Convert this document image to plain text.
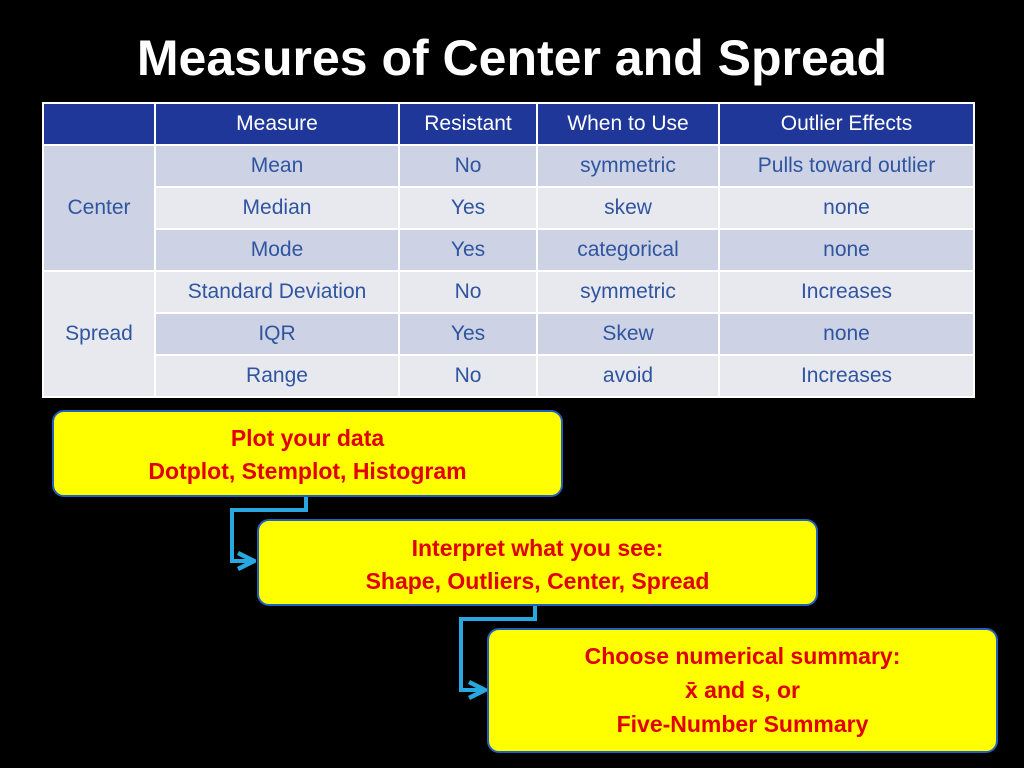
Measures of Center and Spread
	Measure	Resistant	When to Use	Outlier Effects
Center	Mean	No	symmetric	Pulls toward outlier
	Median	Yes	skew	none
	Mode	Yes	categorical	none
Spread	Standard Deviation	No	symmetric	Increases
	IQR	Yes	Skew	none
	Range	No	avoid	Increases
Plot your data
Dotplot, Stemplot, Histogram
Interpret what you see:
Shape, Outliers, Center, Spread
Choose numerical summary:
x̄ and s, or
Five-Number Summary
